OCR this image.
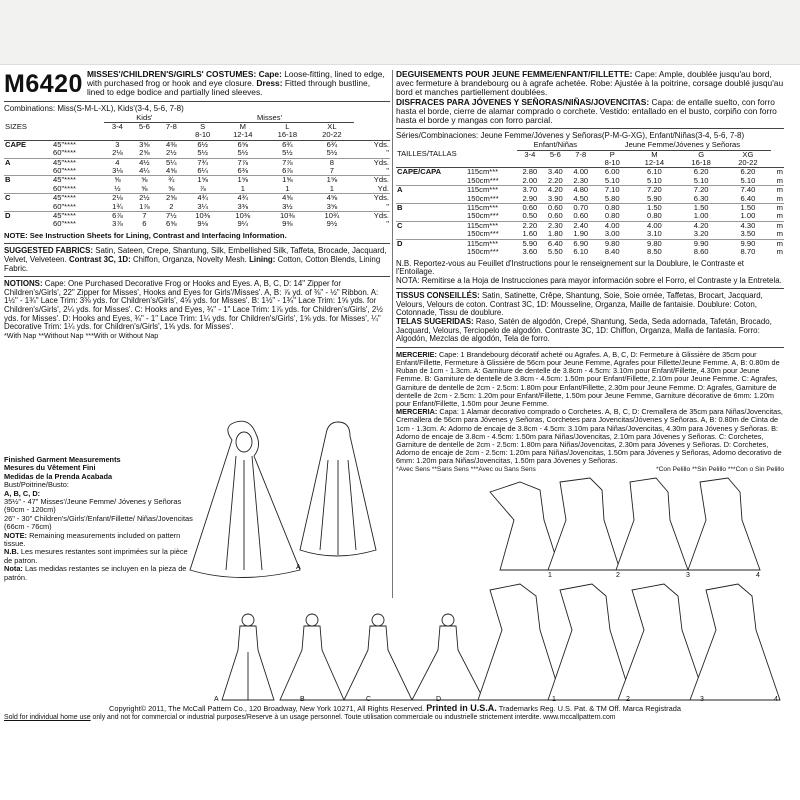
M6420 MISSES'/CHILDREN'S/GIRLS' COSTUMES: Cape: Loose-fitting, lined to edge, with purchased frog or hook and eye closure. Dress: Fitted through bustline, lined to edge bodice and partially lined sleeves.
Combinations: Miss(S-M-L-XL), Kids'(3-4, 5-6, 7-8)
		Kids'			Misses'				
SIZES		3-4	5-6	7-8	S	M	L	XL	
					8-10	12-14	16-18	20-22	
CAPE	45"****	3	3⅝	4⅜	6½	6⅝	6¾	6¾	Yds.
	60"****	2⅛	2⅝	2½	5½	5½	5½	5½	"
A	45"****	4	4½	5¼	7¾	7⅞	7⅞	8	Yds.
	60"****	3⅛	4¼	4⅝	6¼	6⅜	6⅞	7	"
B	45"****	⅝	⅝	¾	1⅝	1⅝	1⅝	1⅝	Yds.
	60"****	½	⅝	⅝	⅞	1	1	1	Yd.
C	45"****	2⅛	2½	2⅝	4¾	4¾	4⅝	4⅝	Yds.
	60"****	1¾	1⅞	2	3¼	3⅜	3½	3⅝	"
D	45"****	6⅞	7	7½	10⅜	10⅜	10⅜	10¾	Yds.
	60"****	3⅞	6	6⅝	9⅛	9¼	9⅜	9½	"
NOTE: See Instruction Sheets for Lining, Contrast and Interfacing Information.
SUGGESTED FABRICS: Satin, Sateen, Crepe, Shantung, Silk, Embellished Silk, Taffeta, Brocade, Jacquard, Velvet, Velveteen. Contrast 3C, 1D: Chiffon, Organza, Novelty Mesh. Lining: Cotton, Cotton Blends, Lining Fabric.
NOTIONS: Cape: One Purchased Decorative Frog or Hooks and Eyes. A, B, C, D: 14" Zipper for Children's/Girls', 22" Zipper for Misses', Hooks and Eyes for Girls'/Misses'. A, B: ⅞ yd. of ⅜" - ½" Ribbon. A: 1½" - 1¾" Lace Trim: 3⅜ yds. for Children's/Girls', 4⅝ yds. for Misses'. B: 1½" - 1¾" Lace Trim: 1⅝ yds. for Children's/Girls', 2¼ yds. for Misses'. C: Hooks and Eyes, ¾" - 1" Lace Trim: 1⅞ yds. for Children's/Girls', 2½ yds. for Misses'. D: Hooks and Eyes, ¾" - 1" Lace Trim: 1¼ yds. for Children's/Girls', 1⅝ yds. for Misses', ¼" Decorative Trim: 1¼ yds. for Children's/Girls', 1⅝ yds. for Misses'.
*With Nap **Without Nap ***With or Without Nap
DEGUISEMENTS POUR JEUNE FEMME/ENFANT/FILLETTE: Cape: Ample, doublée jusqu'au bord, avec fermeture à brandebourg ou à agrafe achetée. Robe: Ajustée à la poitrine, corsage doublé jusqu'au bord et manches partiellement doublées.
DISFRACES PARA JÓVENES Y SEÑORAS/NIÑAS/JOVENCITAS: Capa: de entalle suelto, con forro hasta el borde, cierre de alamar comprado o corchete. Vestido: entallado en el busto, corpiño con forro hasta el borde y mangas con forro parcial.
Séries/Combinaciones: Jeune Femme/Jóvenes y Señoras(P-M-G-XG), Enfant/Niñas(3-4, 5-6, 7-8)
		Enfant/Niñas			Jeune Femme/Jóvenes y Señoras				
TAILLES/TALLAS		3-4	5-6	7-8	P	M	G	XG	
					8-10	12-14	16-18	20-22	
CAPE/CAPA	115cm***	2.80	3.40	4.00	6.00	6.10	6.20	6.20	m
	150cm***	2.00	2.20	2.30	5.10	5.10	5.10	5.10	m
A	115cm***	3.70	4.20	4.80	7.10	7.20	7.20	7.40	m
	150cm***	2.90	3.90	4.50	5.80	5.90	6.30	6.40	m
B	115cm***	0.60	0.60	0.70	0.80	1.50	1.50	1.50	m
	150cm***	0.50	0.60	0.60	0.80	0.80	1.00	1.00	m
C	115cm***	2.20	2.30	2.40	4.00	4.00	4.20	4.30	m
	150cm***	1.60	1.80	1.90	3.00	3.10	3.20	3.50	m
D	115cm***	5.90	6.40	6.90	9.80	9.80	9.90	9.90	m
	150cm***	3.60	5.50	6.10	8.40	8.50	8.60	8.70	m
N.B. Reportez-vous au Feuillet d'Instructions pour le renseignement sur la Doublure, le Contraste et l'Entoilage.
NOTA: Remitirse a la Hoja de Instrucciones para mayor información sobre el Forro, el Contraste y la Entretela.
TISSUS CONSEILLÉS: Satin, Satinette, Crêpe, Shantung, Soie, Soie ornée, Taffetas, Brocart, Jacquard, Velours, Velours de coton. Contrast 3C, 1D: Mousseline, Organza, Maille de fantaisie. Doublure: Coton, Cotonnade, Tissu de doublure.
TELAS SUGERIDAS: Raso, Satén de algodón, Crepé, Shantung, Seda, Seda adornada, Tafetán, Brocado, Jacquard, Velours, Terciopelo de algodón. Contraste 3C, 1D: Chiffon, Organza, Malla de fantasía. Forro: Algodón, Mezclas de algodón, Tela de forro.
MERCERIE: Cape: 1 Brandebourg décoratif acheté ou Agrafes. A, B, C, D: Fermeture à Glissière de 35cm pour Enfant/Fillette, Fermeture à Glissière de 56cm pour Jeune Femme, Agrafes pour Fillette/Jeune Femme. A, B: 0.80m de Ruban de 1cm - 1.3cm. A: Garniture de dentelle de 3.8cm - 4.5cm: 3.10m pour Enfant/Fillette, 4.30m pour Jeune Femme. B: Garniture de dentelle de 3.8cm - 4.5cm: 1.50m pour Enfant/Fillette, 2.10m pour Jeune Femme. C: Agrafes, Garniture de dentelle de 2cm - 2.5cm: 1.80m pour Enfant/Fillette, 2.30m pour Jeune Femme. D: Agrafes, Garniture de dentelle de 2cm - 2.5cm: 1.20m pour Enfant/Fillette, 1.50m pour Jeune Femme, Garniture décorative de 6mm: 1.20m pour Enfant/Fillette, 1.50m pour Jeune Femme.
MERCERIA: Capa: 1 Alamar decorativo comprado o Corchetes. A, B, C, D: Cremallera de 35cm para Niñas/Jovencitas, Cremallera de 56cm para Jóvenes y Señoras, Corchetes para Jovencitas/Jóvenes y Señoras. A, B: 0.80m de Cinta de 1cm - 1.3cm. A: Adorno de encaje de 3.8cm - 4.5cm: 3.10m para Niñas/Jovencitas, 4.30m para Jóvenes y Señoras. B: Adorno de encaje de 3.8cm - 4.5cm: 1.50m para Niñas/Jovencitas, 2.10m para Jóvenes y Señoras. C: Corchetes, Garniture de dentelle de 2cm - 2.5cm: 1.80m para Niñas/Jovencitas, 2.30m para Jóvenes y Señoras. D: Corchetes, Adorno de encaje de 2cm - 2.5cm: 1.20m para Niñas/Jovencitas, 1.50m para Jóvenes y Señoras, Adorno decorativo de 6mm: 1.20m para Niñas/Jovencitas, 1.50m para Jóvenes y Señoras.
*Avec Sens **Sans Sens ***Avec ou Sans Sens	*Con Pelillo **Sin Pelillo ***Con o Sin Pelillo
Finished Garment Measurements
Mesures du Vêtement Fini
Medidas de la Prenda Acabada
Bust/Poitrine/Busto:
A, B, C, D:
35½" - 47" Misses'/Jeune Femme/ Jóvenes y Señoras (90cm - 120cm)
26" - 30" Children's/Girls'/Enfant/Fillette/ Niñas/Jovencitas (66cm - 76cm)
NOTE: Remaining measurements included on pattern tissue.
N.B. Les mesures restantes sont imprimées sur la pièce de patron.
Nota: Las medidas restantes se incluyen en la pieza de patrón.
A
A	B	C	D
1	2	3	4
1	2	3	4
Copyright© 2011, The McCall Pattern Co., 120 Broadway, New York 10271, All Rights Reserved. Printed in U.S.A. Trademarks Reg. U.S. Pat. & TM Off. Marca Registrada
Sold for individual home use only and not for commercial or industrial purposes/Reserve à un usage personnel. Toute utilisation commerciale ou industrielle strictement interdite. www.mccallpattern.com
